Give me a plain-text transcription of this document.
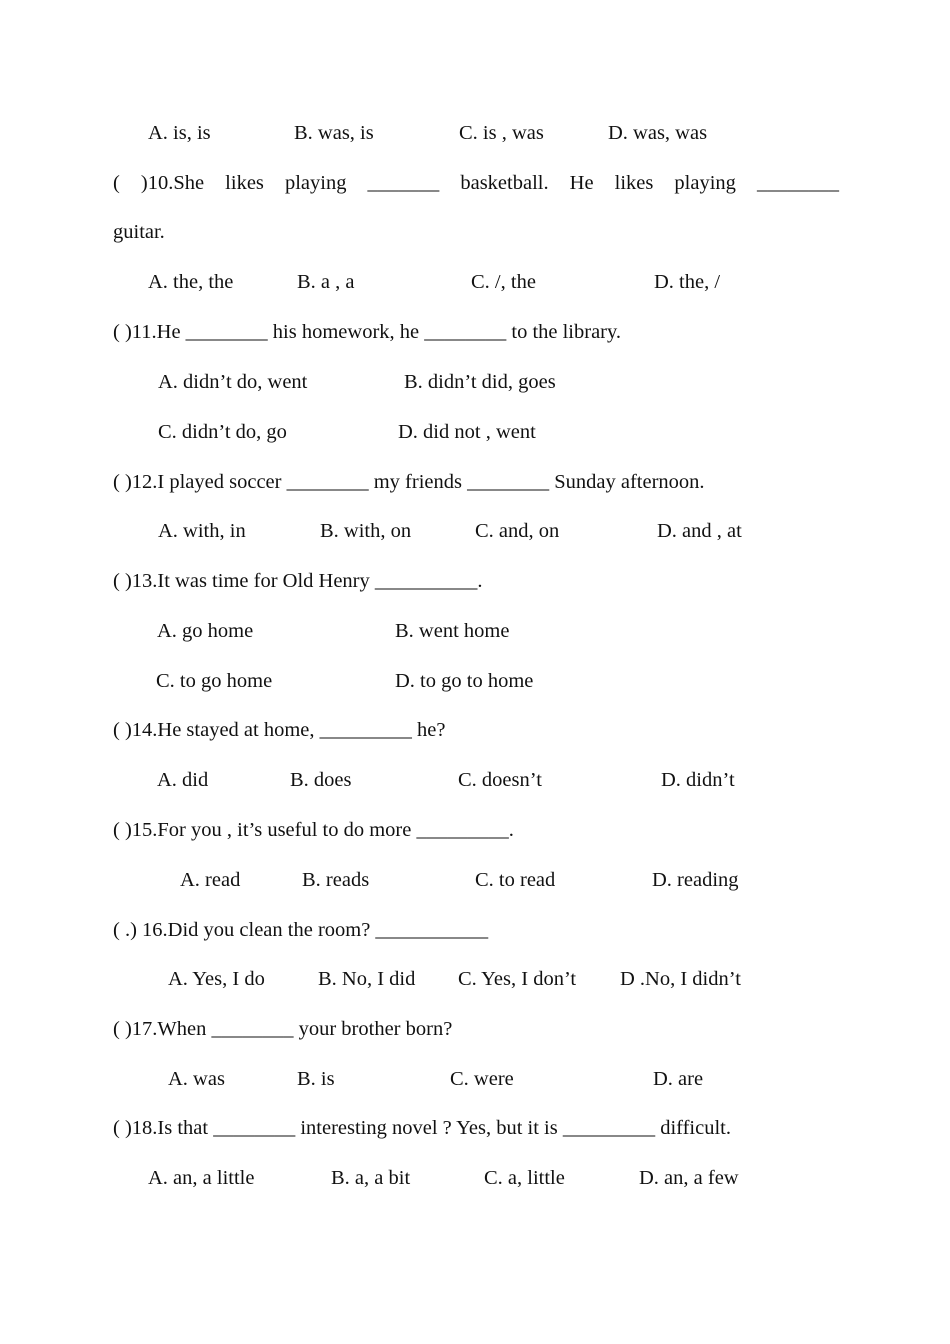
A. is, is	B. was, is	C. is , was	D. was, was

( )10.She likes playing _______ basketball. He likes playing ________

guitar.

A. the, the	B. a , a	C. /, the	D. the, /

( )11.He ________ his homework, he ________ to the library.

A. didn’t do, went	B. didn’t did, goes

C. didn’t do, go	D. did not , went

( )12.I played soccer ________ my friends ________ Sunday afternoon.

A. with, in	B. with, on	C. and, on	D. and , at

( )13.It was time for Old Henry __________.

A. go home	B. went home

C. to go home	D. to go to home

( )14.He stayed at home, _________ he?

A. did	B. does	C. doesn’t	D. didn’t

( )15.For you , it’s useful to do more _________.

A. read	B. reads	C. to read	D. reading

( .) 16.Did you clean the room? ___________

A. Yes, I do	B. No, I did C. Yes, I don’t D .No, I didn’t

( )17.When ________ your brother born?

A. was	B. is	C. were	D. are

( )18.Is that ________ interesting novel ? Yes, but it is _________ difficult.

A. an, a little	B. a, a bit	C. a, little	D. an, a few
